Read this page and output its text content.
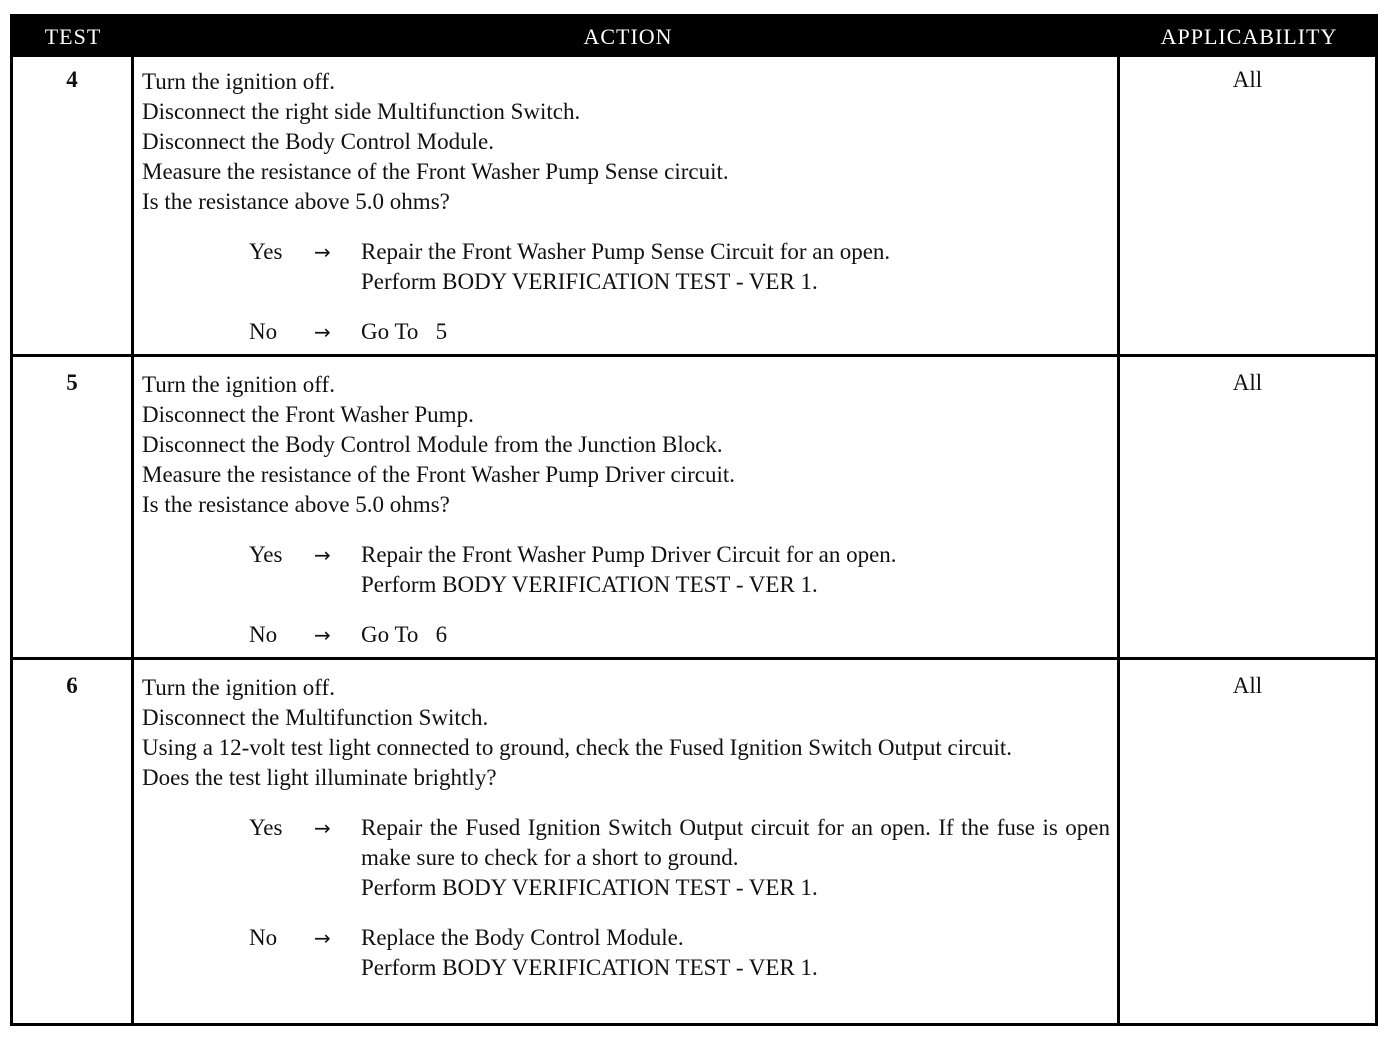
TEST	ACTION	APPLICABILITY
4	Turn the ignition off.

Disconnect the right side Multifunction Switch.

Disconnect the Body Control Module.

Measure the resistance of the Front Washer Pump Sense circuit.

Is the resistance above 5.0 ohms?

Yes → Repair the Front Washer Pump Sense Circuit for an open.
Perform BODY VERIFICATION TEST - VER 1.
No → Go To   5
All
5	Turn the ignition off.

Disconnect the Front Washer Pump.

Disconnect the Body Control Module from the Junction Block.

Measure the resistance of the Front Washer Pump Driver circuit.

Is the resistance above 5.0 ohms?

Yes → Repair the Front Washer Pump Driver Circuit for an open.
Perform BODY VERIFICATION TEST - VER 1.
No → Go To   6
All
6	Turn the ignition off.

Disconnect the Multifunction Switch.

Using a 12-volt test light connected to ground, check the Fused Ignition Switch Output circuit.

Does the test light illuminate brightly?

Yes → Repair the Fused Ignition Switch Output circuit for an open. If the fuse is open make sure to check for a short to ground.
Perform BODY VERIFICATION TEST - VER 1.
No → Replace the Body Control Module.
Perform BODY VERIFICATION TEST - VER 1.
All
